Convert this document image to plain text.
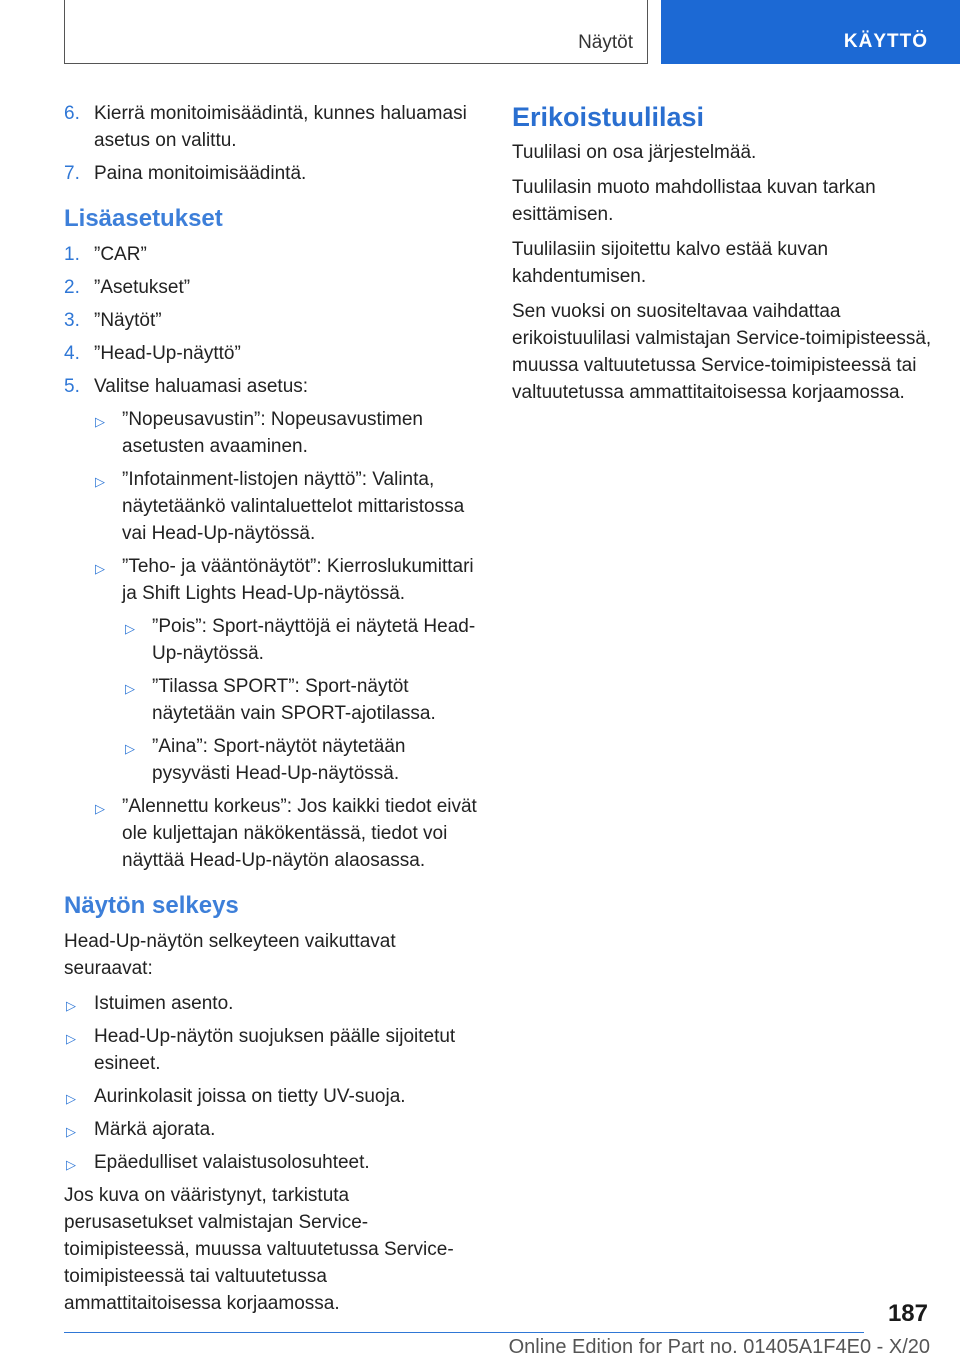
Näytöt	KÄYTTÖ
6. Kierrä monitoimisäädintä, kunnes haluamasi asetus on valittu.
7. Paina monitoimisäädintä.
Lisäasetukset
1. ”CAR”
2. ”Asetukset”
3. ”Näytöt”
4. ”Head-Up-näyttö”
5. Valitse haluamasi asetus:
▷ ”Nopeusavustin”: Nopeusavustimen asetusten avaaminen.
▷ ”Infotainment-listojen näyttö”: Valinta, näytetäänkö valintaluettelot mittaristossa vai Head-Up-näytössä.
▷ ”Teho- ja vääntönäytöt”: Kierroslukumittari ja Shift Lights Head-Up-näytössä.
▷ ”Pois”: Sport-näyttöjä ei näytetä Head-Up-näytössä.
▷ ”Tilassa SPORT”: Sport-näytöt näytetään vain SPORT-ajotilassa.
▷ ”Aina”: Sport-näytöt näytetään pysyvästi Head-Up-näytössä.
▷ ”Alennettu korkeus”: Jos kaikki tiedot eivät ole kuljettajan näkökentässä, tiedot voi näyttää Head-Up-näytön alaosassa.
Näytön selkeys

Head-Up-näytön selkeyteen vaikuttavat seuraavat:

▷ Istuimen asento.
▷ Head-Up-näytön suojuksen päälle sijoitetut esineet.
▷ Aurinkolasit joissa on tietty UV-suoja.
▷ Märkä ajorata.
▷ Epäedulliset valaistusolosuhteet.

Jos kuva on vääristynyt, tarkistuta perusasetukset valmistajan Service-toimipisteessä, muussa valtuutetussa Service-toimipisteessä tai valtuutetussa ammattitaitoisessa korjaamossa.

Erikoistuulilasi

Tuulilasi on osa järjestelmää.

Tuulilasin muoto mahdollistaa kuvan tarkan esittämisen.

Tuulilasiin sijoitettu kalvo estää kuvan kahdentumisen.

Sen vuoksi on suositeltavaa vaihdattaa erikoistuulilasi valmistajan Service-toimipisteessä, muussa valtuutetussa Service-toimipisteessä tai valtuutetussa ammattitaitoisessa korjaamossa.

187
Online Edition for Part no. 01405A1F4E0 - X/20
